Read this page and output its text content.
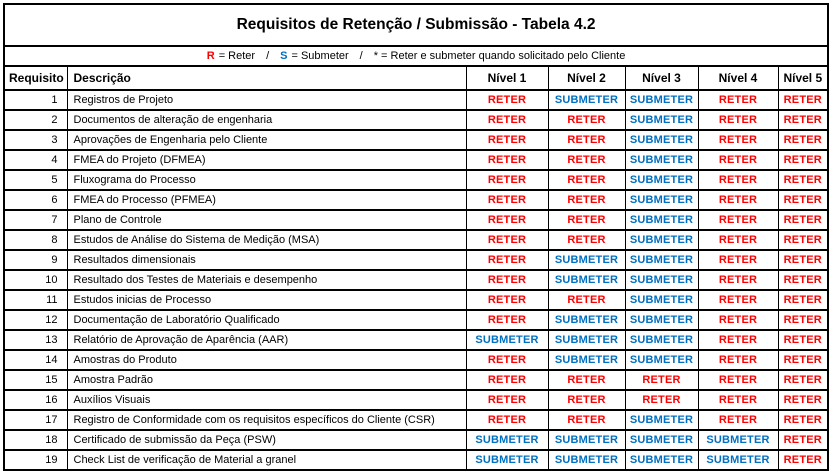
Requisitos de Retenção / Submissão - Tabela 4.2						
R = Reter / S = Submeter / * = Reter e submeter quando solicitado pelo Cliente						
Requisito	Descrição	Nível 1	Nível 2	Nível 3	Nível 4	Nível 5
1	Registros de Projeto	RETER	SUBMETER	SUBMETER	RETER	RETER
2	Documentos de alteração de engenharia	RETER	RETER	SUBMETER	RETER	RETER
3	Aprovações de Engenharia pelo Cliente	RETER	RETER	SUBMETER	RETER	RETER
4	FMEA do Projeto (DFMEA)	RETER	RETER	SUBMETER	RETER	RETER
5	Fluxograma do Processo	RETER	RETER	SUBMETER	RETER	RETER
6	FMEA do Processo (PFMEA)	RETER	RETER	SUBMETER	RETER	RETER
7	Plano de Controle	RETER	RETER	SUBMETER	RETER	RETER
8	Estudos de Análise do Sistema de Medição (MSA)	RETER	RETER	SUBMETER	RETER	RETER
9	Resultados dimensionais	RETER	SUBMETER	SUBMETER	RETER	RETER
10	Resultado dos Testes de Materiais e desempenho	RETER	SUBMETER	SUBMETER	RETER	RETER
11	Estudos inicias de Processo	RETER	RETER	SUBMETER	RETER	RETER
12	Documentação de Laboratório Qualificado	RETER	SUBMETER	SUBMETER	RETER	RETER
13	Relatório de Aprovação de Aparência (AAR)	SUBMETER	SUBMETER	SUBMETER	RETER	RETER
14	Amostras do Produto	RETER	SUBMETER	SUBMETER	RETER	RETER
15	Amostra Padrão	RETER	RETER	RETER	RETER	RETER
16	Auxílios Visuais	RETER	RETER	RETER	RETER	RETER
17	Registro de Conformidade com os requisitos específicos do Cliente (CSR)	RETER	RETER	SUBMETER	RETER	RETER
18	Certificado de submissão da Peça (PSW)	SUBMETER	SUBMETER	SUBMETER	SUBMETER	RETER
19	Check List de verificação de Material a granel	SUBMETER	SUBMETER	SUBMETER	SUBMETER	RETER
